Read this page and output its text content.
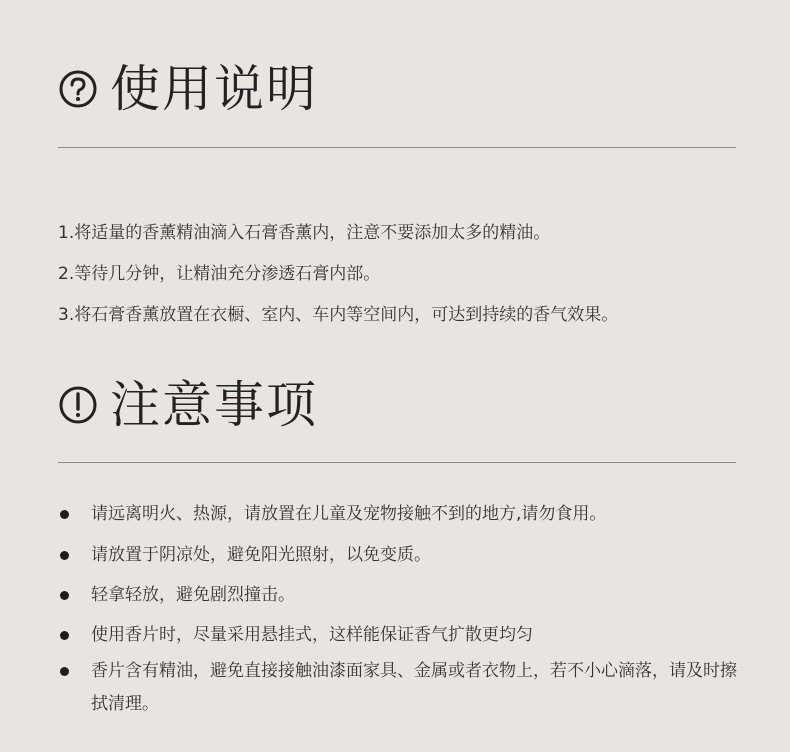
使用说明
1.将适量的香薰精油滴入石膏香薰内，注意不要添加太多的精油。
2.等待几分钟，让精油充分渗透石膏内部。
3.将石膏香薰放置在衣橱、室内、车内等空间内，可达到持续的香气效果。
注意事项
请远离明火、热源，请放置在儿童及宠物接触不到的地方,请勿食用。
请放置于阴凉处，避免阳光照射，以免变质。
轻拿轻放，避免剧烈撞击。
使用香片时，尽量采用悬挂式，这样能保证香气扩散更均匀
香片含有精油，避免直接接触油漆面家具、金属或者衣物上，若不小心滴落，请及时擦拭清理。
